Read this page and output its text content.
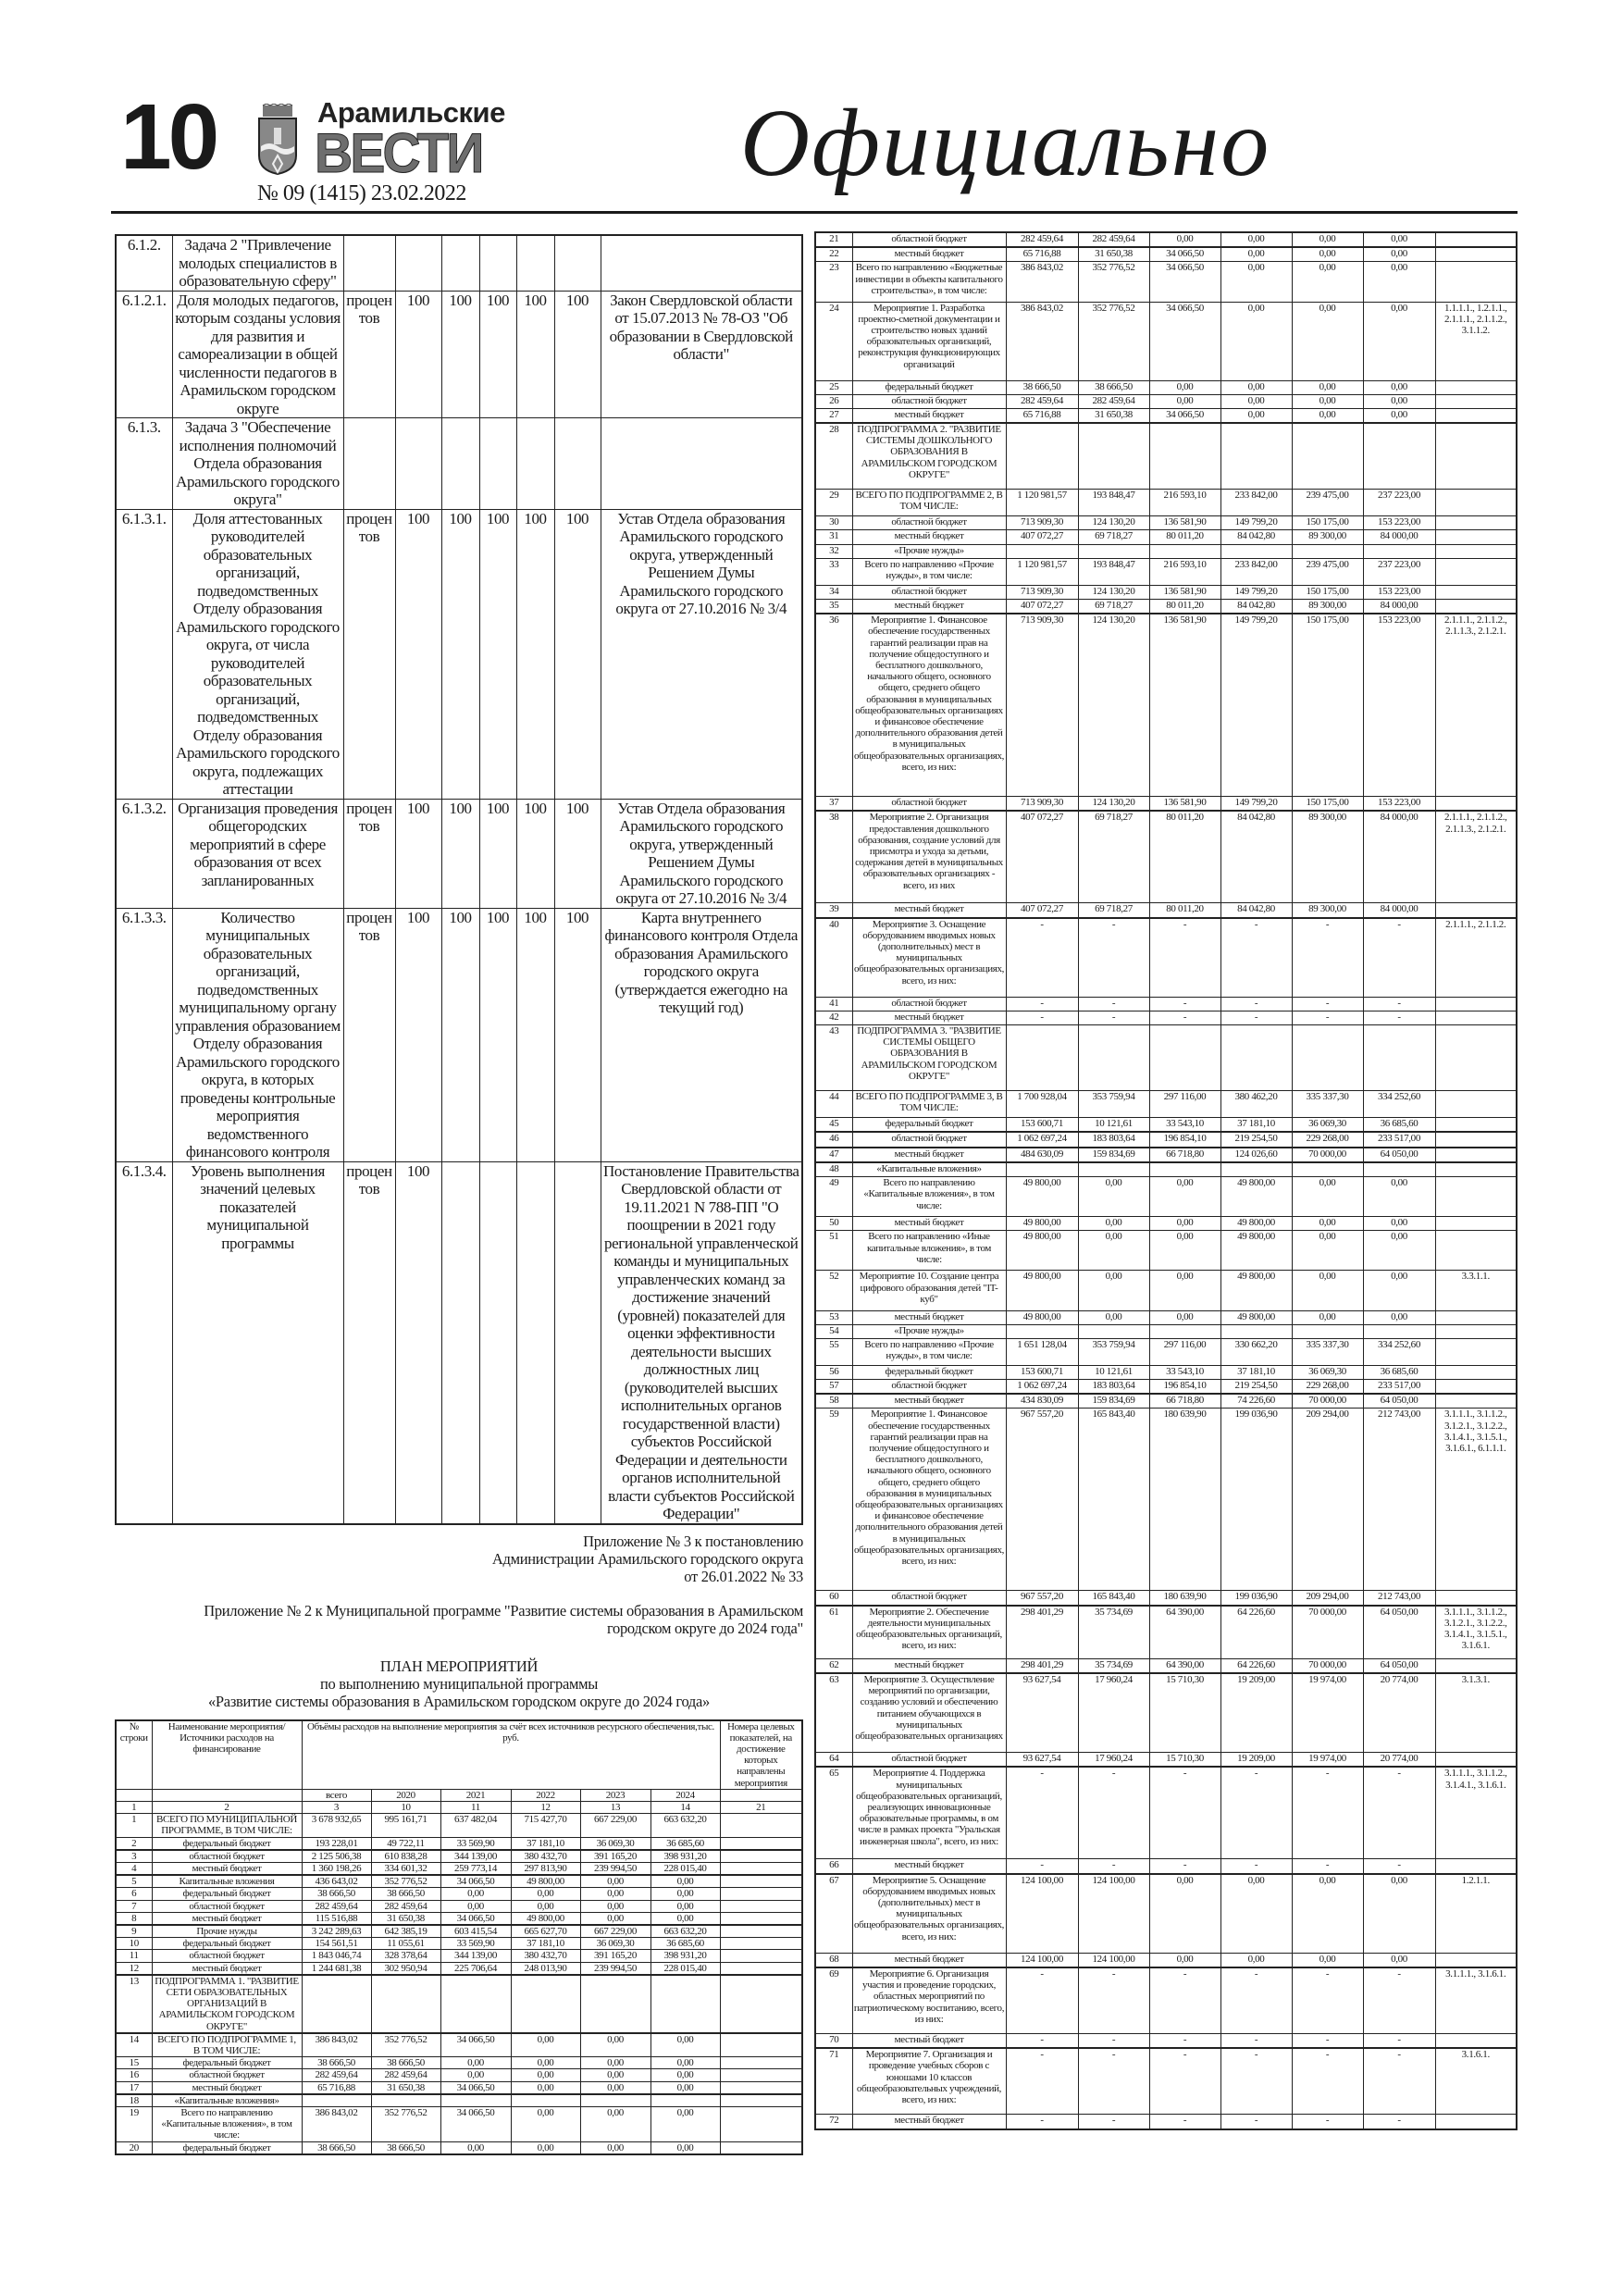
10	Арамильские
ВЕСТИ
№ 09 (1415) 23.02.2022	Официально
6.1.2.	Задача 2 "Привлечение молодых специалистов в образовательную сферу"							
6.1.2.1.	Доля молодых педагогов, которым созданы условия для развития и самореализации в общей численности педагогов в Арамильском городском округе	процентов	100	100	100	100	100	Закон Свердловской области от 15.07.2013 № 78-ОЗ "Об образовании в Свердловской области"
6.1.3.	Задача 3 "Обеспечение исполнения полномочий Отдела образования Арамильского городского округа"							
6.1.3.1.	Доля аттестованных руководителей образовательных организаций, подведомственных Отделу образования Арамильского городского округа, от числа руководителей образовательных организаций, подведомственных Отделу образования Арамильского городского округа, подлежащих аттестации	процентов	100	100	100	100	100	Устав Отдела образования Арамильского городского округа, утвержденный Решением Думы Арамильского городского округа от 27.10.2016 № 3/4
6.1.3.2.	Организация проведения общегородских мероприятий в сфере образования от всех запланированных	процентов	100	100	100	100	100	Устав Отдела образования Арамильского городского округа, утвержденный Решением Думы Арамильского городского округа от 27.10.2016 № 3/4
6.1.3.3.	Количество муниципальных образовательных организаций, подведомственных муниципальному органу управления образованием Отделу образования Арамильского городского округа, в которых проведены контрольные мероприятия ведомственного финансового контроля	процентов	100	100	100	100	100	Карта внутреннего финансового контроля Отдела образования Арамильского городского округа (утверждается ежегодно на текущий год)
6.1.3.4.	Уровень выполнения значений целевых показателей муниципальной программы	процентов	100					Постановление Правительства Свердловской области от 19.11.2021 N 788-ПП "О поощрении в 2021 году региональной управленческой команды и муниципальных управленческих команд за достижение значений (уровней) показателей для оценки эффективности деятельности высших должностных лиц (руководителей высших исполнительных органов государственной власти) субъектов Российской Федерации и деятельности органов исполнительной власти субъектов Российской Федерации"
Приложение № 3 к постановлению
Администрации Арамильского городского округа
от 26.01.2022 № 33
Приложение № 2 к Муниципальной программе "Развитие системы образования в Арамильском городском округе до 2024 года"
ПЛАН МЕРОПРИЯТИЙ
по выполнению муниципальной программы
«Развитие системы образования в Арамильском городском округе до 2024 года»
№ строки	Наименование мероприятия/ Источники расходов на финансирование	Объёмы расходов на выполнение мероприятия за счёт всех источников ресурсного обеспечения,тыс. руб.						Номера целевых показателей, на достижение которых направлены мероприятия
		всего	2020	2021	2022	2023	2024	
1	2	3	10	11	12	13	14	21
1	ВСЕГО ПО МУНИЦИПАЛЬНОЙ ПРОГРАММЕ, В ТОМ ЧИСЛЕ:	3 678 932,65	995 161,71	637 482,04	715 427,70	667 229,00	663 632,20	
2	федеральный бюджет	193 228,01	49 722,11	33 569,90	37 181,10	36 069,30	36 685,60	
3	областной бюджет	2 125 506,38	610 838,28	344 139,00	380 432,70	391 165,20	398 931,20	
4	местный бюджет	1 360 198,26	334 601,32	259 773,14	297 813,90	239 994,50	228 015,40	
5	Капитальные вложения	436 643,02	352 776,52	34 066,50	49 800,00	0,00	0,00	
6	федеральный бюджет	38 666,50	38 666,50	0,00	0,00	0,00	0,00	
7	областной бюджет	282 459,64	282 459,64	0,00	0,00	0,00	0,00	
8	местный бюджет	115 516,88	31 650,38	34 066,50	49 800,00	0,00	0,00	
9	Прочие нужды	3 242 289,63	642 385,19	603 415,54	665 627,70	667 229,00	663 632,20	
10	федеральный бюджет	154 561,51	11 055,61	33 569,90	37 181,10	36 069,30	36 685,60	
11	областной бюджет	1 843 046,74	328 378,64	344 139,00	380 432,70	391 165,20	398 931,20	
12	местный бюджет	1 244 681,38	302 950,94	225 706,64	248 013,90	239 994,50	228 015,40	
13	ПОДПРОГРАММА 1. "РАЗВИТИЕ СЕТИ ОБРАЗОВАТЕЛЬНЫХ ОРГАНИЗАЦИЙ В АРАМИЛЬСКОМ ГОРОДСКОМ ОКРУГЕ"							
14	ВСЕГО ПО ПОДПРОГРАММЕ 1, В ТОМ ЧИСЛЕ:	386 843,02	352 776,52	34 066,50	0,00	0,00	0,00	
15	федеральный бюджет	38 666,50	38 666,50	0,00	0,00	0,00	0,00	
16	областной бюджет	282 459,64	282 459,64	0,00	0,00	0,00	0,00	
17	местный бюджет	65 716,88	31 650,38	34 066,50	0,00	0,00	0,00	
18	«Капитальные вложения»							
19	Всего по направлению «Капитальные вложения», в том числе:	386 843,02	352 776,52	34 066,50	0,00	0,00	0,00	
20	федеральный бюджет	38 666,50	38 666,50	0,00	0,00	0,00	0,00	
21	областной бюджет	282 459,64	282 459,64	0,00	0,00	0,00	0,00	
22	местный бюджет	65 716,88	31 650,38	34 066,50	0,00	0,00	0,00	
23	Всего по направлению «Бюджетные инвестиции в объекты капитального строительства», в том числе:	386 843,02	352 776,52	34 066,50	0,00	0,00	0,00	
24	Мероприятие 1. Разработка проектно-сметной документации и строительство новых зданий образовательных организаций, реконструкция функционирующих организаций	386 843,02	352 776,52	34 066,50	0,00	0,00	0,00	1.1.1.1., 1.2.1.1., 2.1.1.1., 2.1.1.2., 3.1.1.2.
25	федеральный бюджет	38 666,50	38 666,50	0,00	0,00	0,00	0,00	
26	областной бюджет	282 459,64	282 459,64	0,00	0,00	0,00	0,00	
27	местный бюджет	65 716,88	31 650,38	34 066,50	0,00	0,00	0,00	
28	ПОДПРОГРАММА 2. "РАЗВИТИЕ СИСТЕМЫ ДОШКОЛЬНОГО ОБРАЗОВАНИЯ В АРАМИЛЬСКОМ ГОРОДСКОМ ОКРУГЕ"							
29	ВСЕГО ПО ПОДПРОГРАММЕ 2, В ТОМ ЧИСЛЕ:	1 120 981,57	193 848,47	216 593,10	233 842,00	239 475,00	237 223,00	
30	областной бюджет	713 909,30	124 130,20	136 581,90	149 799,20	150 175,00	153 223,00	
31	местный бюджет	407 072,27	69 718,27	80 011,20	84 042,80	89 300,00	84 000,00	
32	«Прочие нужды»							
33	Всего по направлению «Прочие нужды», в том числе:	1 120 981,57	193 848,47	216 593,10	233 842,00	239 475,00	237 223,00	
34	областной бюджет	713 909,30	124 130,20	136 581,90	149 799,20	150 175,00	153 223,00	
35	местный бюджет	407 072,27	69 718,27	80 011,20	84 042,80	89 300,00	84 000,00	
36	Мероприятие 1. Финансовое обеспечение государственных гарантий реализации прав на получение общедоступного и бесплатного дошкольного, начального общего, основного общего, среднего общего образования в муниципальных общеобразовательных организациях и финансовое обеспечение дополнительного образования детей в муниципальных общеобразовательных организациях, всего, из них:	713 909,30	124 130,20	136 581,90	149 799,20	150 175,00	153 223,00	2.1.1.1., 2.1.1.2., 2.1.1.3., 2.1.2.1.
37	областной бюджет	713 909,30	124 130,20	136 581,90	149 799,20	150 175,00	153 223,00	
38	Мероприятие 2. Организация предоставления дошкольного образования, создание условий для присмотра и ухода за детьми, содержания детей в муниципальных образовательных организациях - всего, из них	407 072,27	69 718,27	80 011,20	84 042,80	89 300,00	84 000,00	2.1.1.1., 2.1.1.2., 2.1.1.3., 2.1.2.1.
39	местный бюджет	407 072,27	69 718,27	80 011,20	84 042,80	89 300,00	84 000,00	
40	Мероприятие 3. Оснащение оборудованием вводимых новых (дополнительных) мест в муниципальных общеобразовательных организациях, всего, из них:	-	-	-	-	-	-	2.1.1.1., 2.1.1.2.
41	областной бюджет	-	-	-	-	-	-	
42	местный бюджет	-	-	-	-	-	-	
43	ПОДПРОГРАММА 3. "РАЗВИТИЕ СИСТЕМЫ ОБЩЕГО ОБРАЗОВАНИЯ В АРАМИЛЬСКОМ ГОРОДСКОМ ОКРУГЕ"							
44	ВСЕГО ПО ПОДПРОГРАММЕ 3, В ТОМ ЧИСЛЕ:	1 700 928,04	353 759,94	297 116,00	380 462,20	335 337,30	334 252,60	
45	федеральный бюджет	153 600,71	10 121,61	33 543,10	37 181,10	36 069,30	36 685,60	
46	областной бюджет	1 062 697,24	183 803,64	196 854,10	219 254,50	229 268,00	233 517,00	
47	местный бюджет	484 630,09	159 834,69	66 718,80	124 026,60	70 000,00	64 050,00	
48	«Капитальные вложения»							
49	Всего по направлению «Капитальные вложения», в том числе:	49 800,00	0,00	0,00	49 800,00	0,00	0,00	
50	местный бюджет	49 800,00	0,00	0,00	49 800,00	0,00	0,00	
51	Всего по направлению «Иные капитальные вложения», в том числе:	49 800,00	0,00	0,00	49 800,00	0,00	0,00	
52	Мероприятие 10. Создание центра цифрового образования детей "IT-куб"	49 800,00	0,00	0,00	49 800,00	0,00	0,00	3.3.1.1.
53	местный бюджет	49 800,00	0,00	0,00	49 800,00	0,00	0,00	
54	«Прочие нужды»							
55	Всего по направлению «Прочие нужды», в том числе:	1 651 128,04	353 759,94	297 116,00	330 662,20	335 337,30	334 252,60	
56	федеральный бюджет	153 600,71	10 121,61	33 543,10	37 181,10	36 069,30	36 685,60	
57	областной бюджет	1 062 697,24	183 803,64	196 854,10	219 254,50	229 268,00	233 517,00	
58	местный бюджет	434 830,09	159 834,69	66 718,80	74 226,60	70 000,00	64 050,00	
59	Мероприятие 1. Финансовое обеспечение государственных гарантий реализации прав на получение общедоступного и бесплатного дошкольного, начального общего, основного общего, среднего общего образования в муниципальных общеобразовательных организациях и финансовое обеспечение дополнительного образования детей в муниципальных общеобразовательных организациях, всего, из них:	967 557,20	165 843,40	180 639,90	199 036,90	209 294,00	212 743,00	3.1.1.1., 3.1.1.2., 3.1.2.1., 3.1.2.2., 3.1.4.1., 3.1.5.1., 3.1.6.1., 6.1.1.1.
60	областной бюджет	967 557,20	165 843,40	180 639,90	199 036,90	209 294,00	212 743,00	
61	Мероприятие 2. Обеспечение деятельности муниципальных общеобразовательных организаций, всего, из них:	298 401,29	35 734,69	64 390,00	64 226,60	70 000,00	64 050,00	3.1.1.1., 3.1.1.2., 3.1.2.1., 3.1.2.2., 3.1.4.1., 3.1.5.1., 3.1.6.1.
62	местный бюджет	298 401,29	35 734,69	64 390,00	64 226,60	70 000,00	64 050,00	
63	Мероприятие 3. Осуществление мероприятий по организации, созданию условий и обеспечению питанием обучающихся в муниципальных общеобразовательных организациях	93 627,54	17 960,24	15 710,30	19 209,00	19 974,00	20 774,00	3.1.3.1.
64	областной бюджет	93 627,54	17 960,24	15 710,30	19 209,00	19 974,00	20 774,00	
65	Мероприятие 4. Поддержка муниципальных общеобразовательных организаций, реализующих инновационные образовательные программы, в ом числе в рамках проекта "Уральская инженерная школа", всего, из них:	-	-	-	-	-	-	3.1.1.1., 3.1.1.2., 3.1.4.1., 3.1.6.1.
66	местный бюджет	-	-	-	-	-	-	
67	Мероприятие 5. Оснащение оборудованием вводимых новых (дополнительных) мест в муниципальных общеобразовательных организациях, всего, из них:	124 100,00	124 100,00	0,00	0,00	0,00	0,00	1.2.1.1.
68	местный бюджет	124 100,00	124 100,00	0,00	0,00	0,00	0,00	
69	Мероприятие 6. Организация участия и проведение городских, областных мероприятий по патриотическому воспитанию, всего, из них:	-	-	-	-	-	-	3.1.1.1., 3.1.6.1.
70	местный бюджет	-	-	-	-	-	-	
71	Мероприятие 7. Организация и проведение учебных сборов с юношами 10 классов общеобразовательных учреждений, всего, из них:	-	-	-	-	-	-	3.1.6.1.
72	местный бюджет	-	-	-	-	-	-	
